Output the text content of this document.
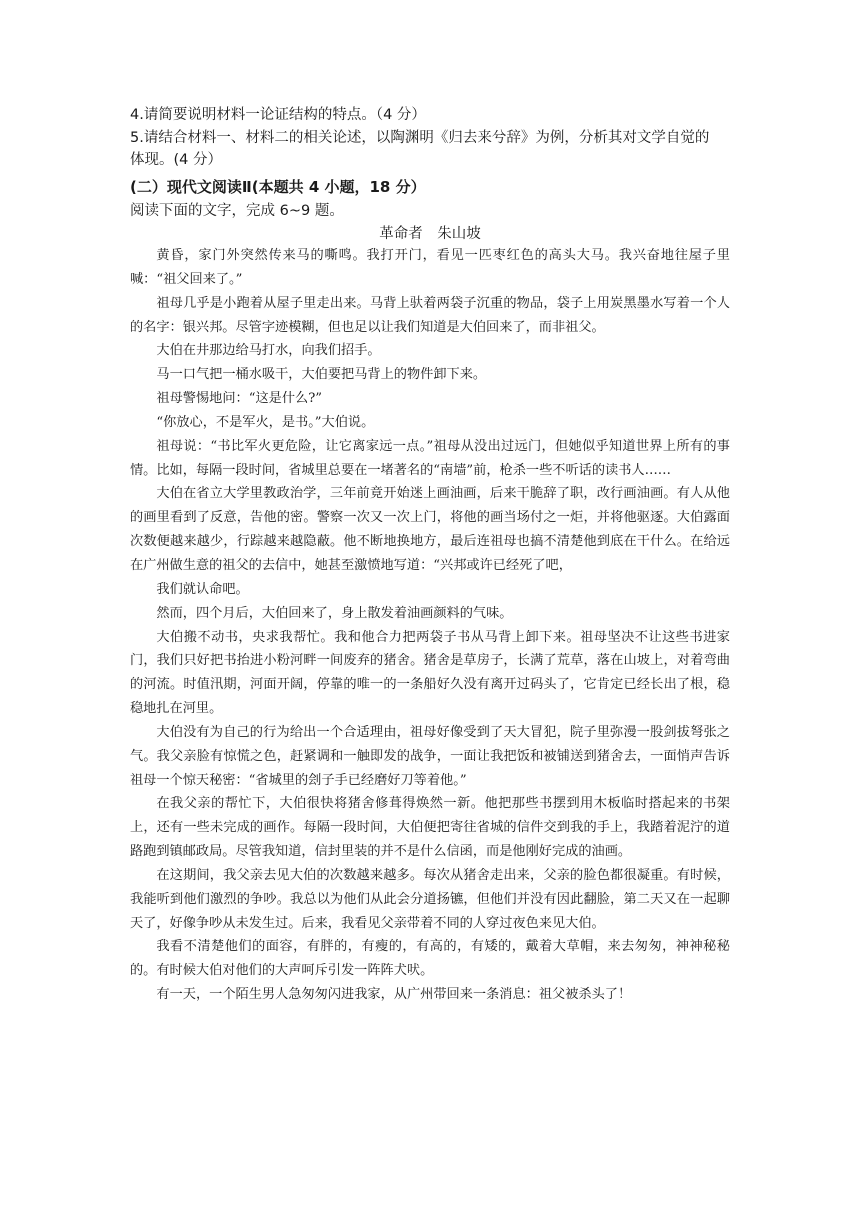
4.请简要说明材料一论证结构的特点。（4 分）
5.请结合材料一、材料二的相关论述，以陶渊明《归去来兮辞》为例，分析其对文学自觉的
体现。(4 分）
(二）现代文阅读Ⅱ(本题共 4 小题，18 分）
阅读下面的文字，完成 6~9 题。
革命者　朱山坡

黄昏，家门外突然传来马的嘶鸣。我打开门，看见一匹枣红色的高头大马。我兴奋地往屋子里喊：“祖父回来了。”

祖母几乎是小跑着从屋子里走出来。马背上驮着两袋子沉重的物品，袋子上用炭黑墨水写着一个人的名字：银兴邦。尽管字迹模糊，但也足以让我们知道是大伯回来了，而非祖父。

大伯在井那边给马打水，向我们招手。

马一口气把一桶水吸干，大伯要把马背上的物件卸下来。

祖母警惕地问：“这是什么?”

“你放心，不是军火，是书。”大伯说。

祖母说：“书比军火更危险，让它离家远一点。”祖母从没出过远门，但她似乎知道世界上所有的事情。比如，每隔一段时间，省城里总要在一堵著名的“南墙”前，枪杀一些不听话的读书人……

大伯在省立大学里教政治学，三年前竟开始迷上画油画，后来干脆辞了职，改行画油画。有人从他的画里看到了反意，告他的密。警察一次又一次上门，将他的画当场付之一炬，并将他驱逐。大伯露面次数便越来越少，行踪越来越隐蔽。他不断地换地方，最后连祖母也搞不清楚他到底在干什么。在给远在广州做生意的祖父的去信中，她甚至激愤地写道：“兴邦或许已经死了吧，

我们就认命吧。

然而，四个月后，大伯回来了，身上散发着油画颜料的气味。

大伯搬不动书，央求我帮忙。我和他合力把两袋子书从马背上卸下来。祖母坚决不让这些书进家门，我们只好把书抬进小粉河畔一间废弃的猪舍。猪舍是草房子，长满了荒草，落在山坡上，对着弯曲的河流。时值汛期，河面开阔，停靠的唯一的一条船好久没有离开过码头了，它肯定已经长出了根，稳稳地扎在河里。

大伯没有为自己的行为给出一个合适理由，祖母好像受到了天大冒犯，院子里弥漫一股剑拔弩张之气。我父亲脸有惊慌之色，赶紧调和一触即发的战争，一面让我把饭和被铺送到猪舍去，一面悄声告诉祖母一个惊天秘密：“省城里的刽子手已经磨好刀等着他。”

在我父亲的帮忙下，大伯很快将猪舍修葺得焕然一新。他把那些书摆到用木板临时搭起来的书架上，还有一些未完成的画作。每隔一段时间，大伯便把寄往省城的信件交到我的手上，我踏着泥泞的道路跑到镇邮政局。尽管我知道，信封里装的并不是什么信函，而是他刚好完成的油画。

在这期间，我父亲去见大伯的次数越来越多。每次从猪舍走出来，父亲的脸色都很凝重。有时候，我能听到他们激烈的争吵。我总以为他们从此会分道扬镳，但他们并没有因此翻脸，第二天又在一起聊天了，好像争吵从未发生过。后来，我看见父亲带着不同的人穿过夜色来见大伯。

我看不清楚他们的面容，有胖的，有瘦的，有高的，有矮的，戴着大草帽，来去匆匆，神神秘秘的。有时候大伯对他们的大声呵斥引发一阵阵犬吠。

有一天，一个陌生男人急匆匆闪进我家，从广州带回来一条消息：祖父被杀头了！
